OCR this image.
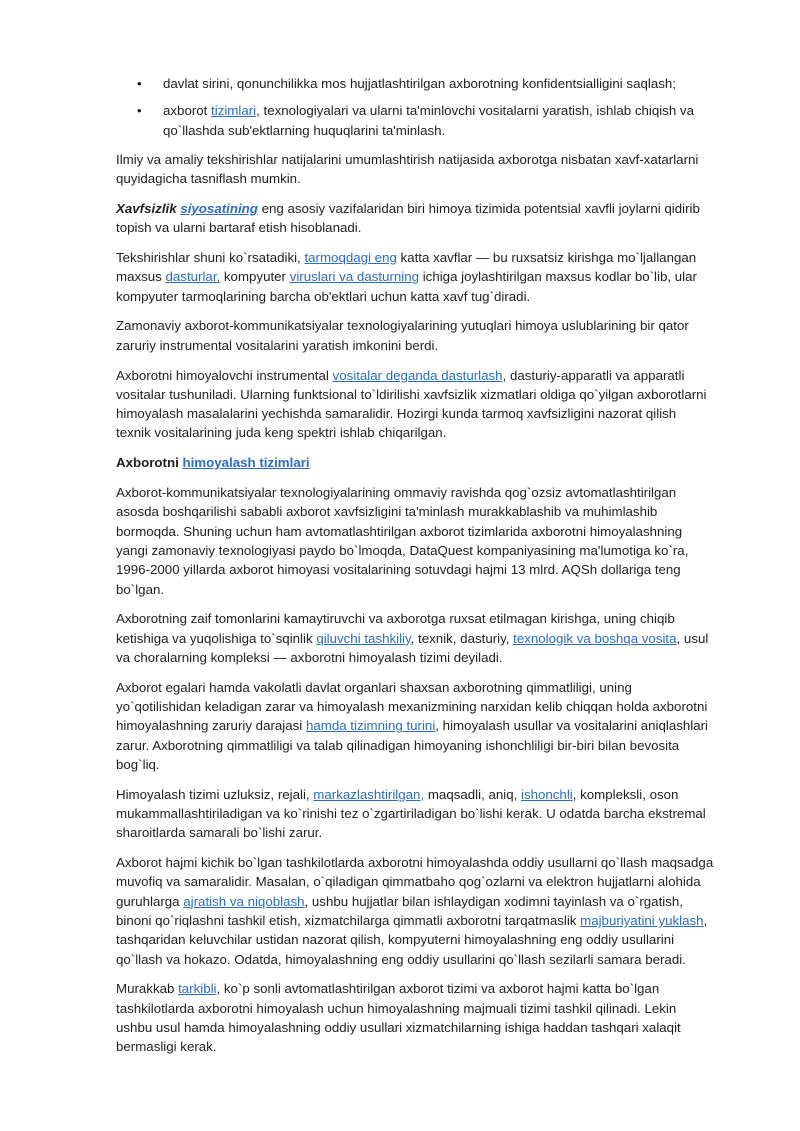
• davlat sirini, qonunchilikka mos hujjatlashtirilgan axborotning konfidentsialligini saqlash;
• axborot tizimlari, texnologiyalari va ularni ta'minlovchi vositalarni yaratish, ishlab chiqish va qo`llashda sub'ektlarning huquqlarini ta'minlash.

Ilmiy va amaliy tekshirishlar natijalarini umumlashtirish natijasida axborotga nisbatan xavf-xatarlarni quyidagicha tasniflash mumkin.

Xavfsizlik siyosatining eng asosiy vazifalaridan biri himoya tizimida potentsial xavfli joylarni qidirib topish va ularni bartaraf etish hisoblanadi.

Tekshirishlar shuni ko`rsatadiki, tarmoqdagi eng katta xavflar — bu ruxsatsiz kirishga mo`ljallangan maxsus dasturlar, kompyuter viruslari va dasturning ichiga joylashtirilgan maxsus kodlar bo`lib, ular kompyuter tarmoqlarining barcha ob'ektlari uchun katta xavf tug`diradi.

Zamonaviy axborot-kommunikatsiyalar texnologiyalarining yutuqlari himoya uslublarining bir qator zaruriy instrumental vositalarini yaratish imkonini berdi.

Axborotni himoyalovchi instrumental vositalar deganda dasturlash, dasturiy-apparatli va apparatli vositalar tushuniladi. Ularning funktsional to`ldirilishi xavfsizlik xizmatlari oldiga qo`yilgan axborotlarni himoyalash masalalarini yechishda samaralidir. Hozirgi kunda tarmoq xavfsizligini nazorat qilish texnik vositalarining juda keng spektri ishlab chiqarilgan.

Axborotni himoyalash tizimlari

Axborot-kommunikatsiyalar texnologiyalarining ommaviy ravishda qog`ozsiz avtomatlashtirilgan asosda boshqarilishi sababli axborot xavfsizligini ta'minlash murakkablashib va muhimlashib bormoqda. Shuning uchun ham avtomatlashtirilgan axborot tizimlarida axborotni himoyalashning yangi zamonaviy texnologiyasi paydo bo`lmoqda, DataQuest kompaniyasining ma'lumotiga ko`ra, 1996-2000 yillarda axborot himoyasi vositalarining sotuvdagi hajmi 13 mlrd. AQSh dollariga teng bo`lgan.

Axborotning zaif tomonlarini kamaytiruvchi va axborotga ruxsat etilmagan kirishga, uning chiqib ketishiga va yuqolishiga to`sqinlik qiluvchi tashkiliy, texnik, dasturiy, texnologik va boshqa vosita, usul va choralarning kompleksi — axborotni himoyalash tizimi deyiladi.

Axborot egalari hamda vakolatli davlat organlari shaxsan axborotning qimmatliligi, uning yo`qotilishidan keladigan zarar va himoyalash mexanizmining narxidan kelib chiqqan holda axborotni himoyalashning zaruriy darajasi hamda tizimning turini, himoyalash usullar va vositalarini aniqlashlari zarur. Axborotning qimmatliligi va talab qilinadigan himoyaning ishonchliligi bir-biri bilan bevosita bog`liq.

Himoyalash tizimi uzluksiz, rejali, markazlashtirilgan, maqsadli, aniq, ishonchli, kompleksli, oson mukammallashtiriladigan va ko`rinishi tez o`zgartiriladigan bo`lishi kerak. U odatda barcha ekstremal sharoitlarda samarali bo`lishi zarur.

Axborot hajmi kichik bo`lgan tashkilotlarda axborotni himoyalashda oddiy usullarni qo`llash maqsadga muvofiq va samaralidir. Masalan, o`qiladigan qimmatbaho qog`ozlarni va elektron hujjatlarni alohida guruhlarga ajratish va niqoblash, ushbu hujjatlar bilan ishlaydigan xodimni tayinlash va o`rgatish, binoni qo`riqlashni tashkil etish, xizmatchilarga qimmatli axborotni tarqatmaslik majburiyatini yuklash, tashqaridan keluvchilar ustidan nazorat qilish, kompyuterni himoyalashning eng oddiy usullarini qo`llash va hokazo. Odatda, himoyalashning eng oddiy usullarini qo`llash sezilarli samara beradi.

Murakkab tarkibli, ko`p sonli avtomatlashtirilgan axborot tizimi va axborot hajmi katta bo`lgan tashkilotlarda axborotni himoyalash uchun himoyalashning majmuali tizimi tashkil qilinadi. Lekin ushbu usul hamda himoyalashning oddiy usullari xizmatchilarning ishiga haddan tashqari xalaqit bermasligi kerak.
